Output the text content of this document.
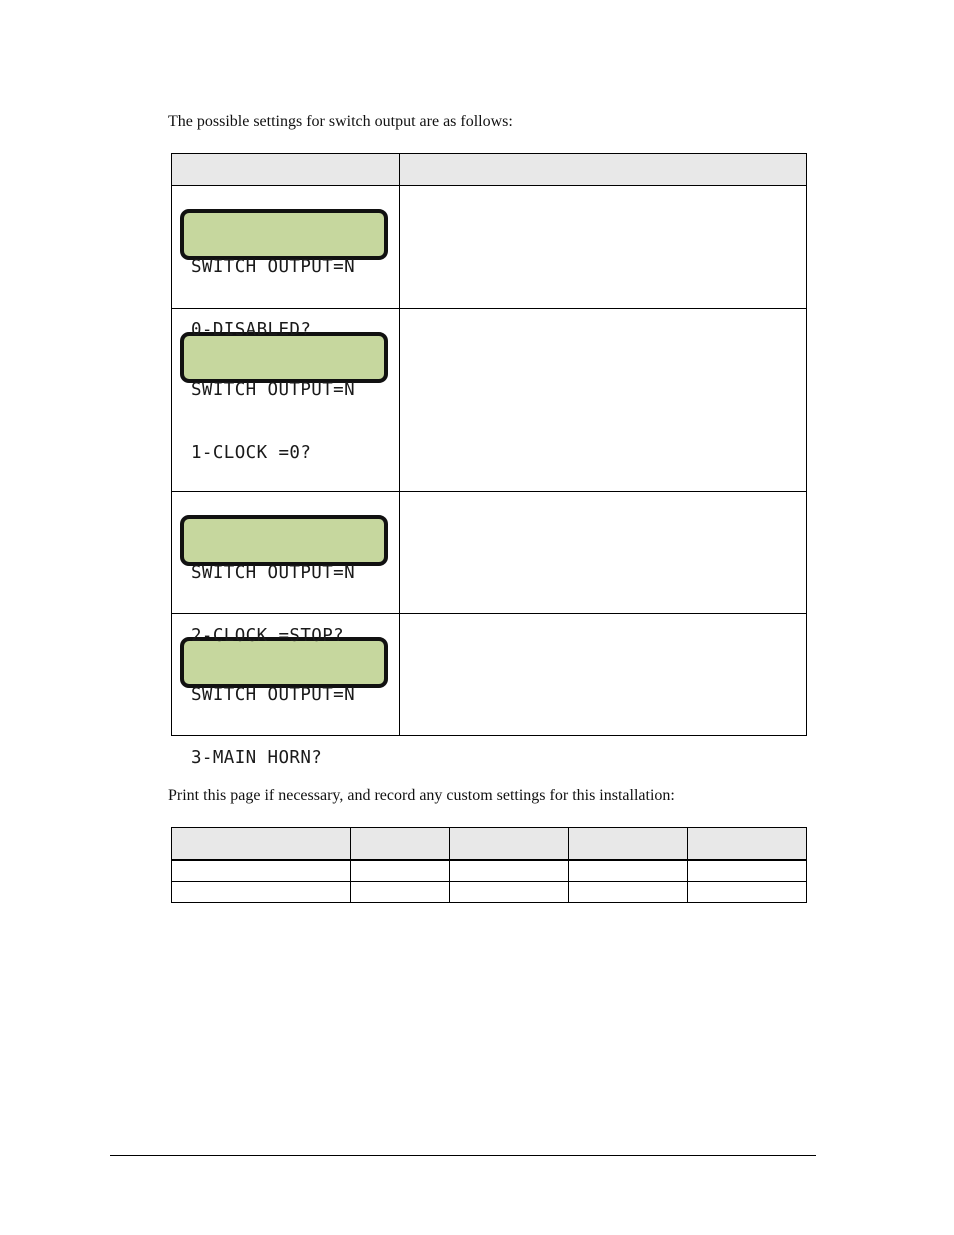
The possible settings for switch output are as follows:

SWITCH OUTPUT=N

0-DISABLED?	

SWITCH OUTPUT=N

1-CLOCK =0?	

SWITCH OUTPUT=N

2-CLOCK =STOP?	

SWITCH OUTPUT=N

3-MAIN HORN?	

Print this page if necessary, and record any custom settings for this installation:
